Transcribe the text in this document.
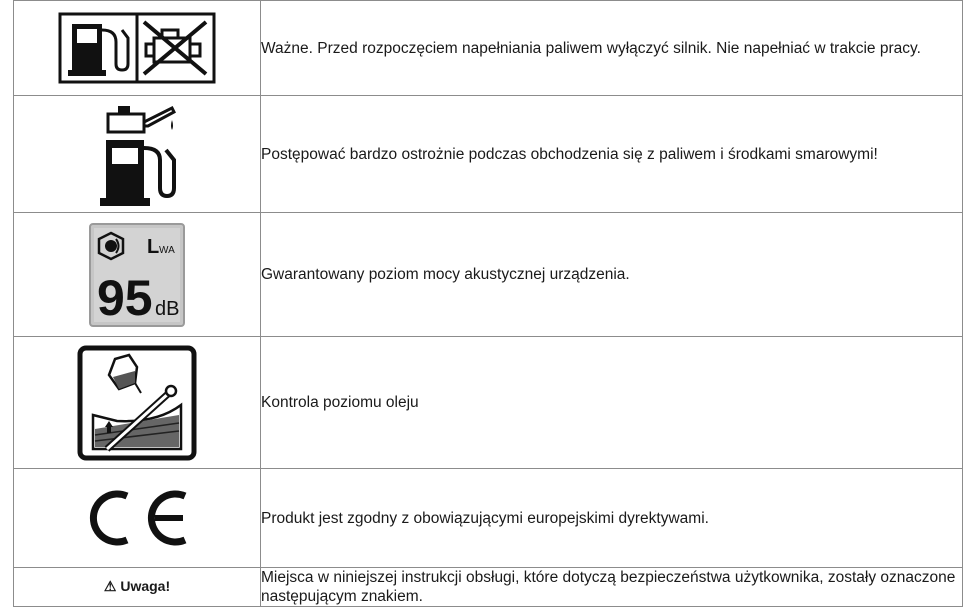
	Ważne. Przed rozpoczęciem napełniania paliwem wyłączyć silnik. Nie napełniać w trakcie pracy.

	Postępować bardzo ostrożnie podczas obchodzenia się z paliwem i środkami smarowymi!

L WA
95 dB	Gwarantowany poziom mocy akustycznej urządzenia.

	Kontrola poziomu oleju

	Produkt jest zgodny z obowiązującymi europejskimi dyrektywami.
⚠ Uwaga!	Miejsca w niniejszej instrukcji obsługi, które dotyczą bezpieczeństwa użytkownika, zostały oznaczone następującym znakiem.
